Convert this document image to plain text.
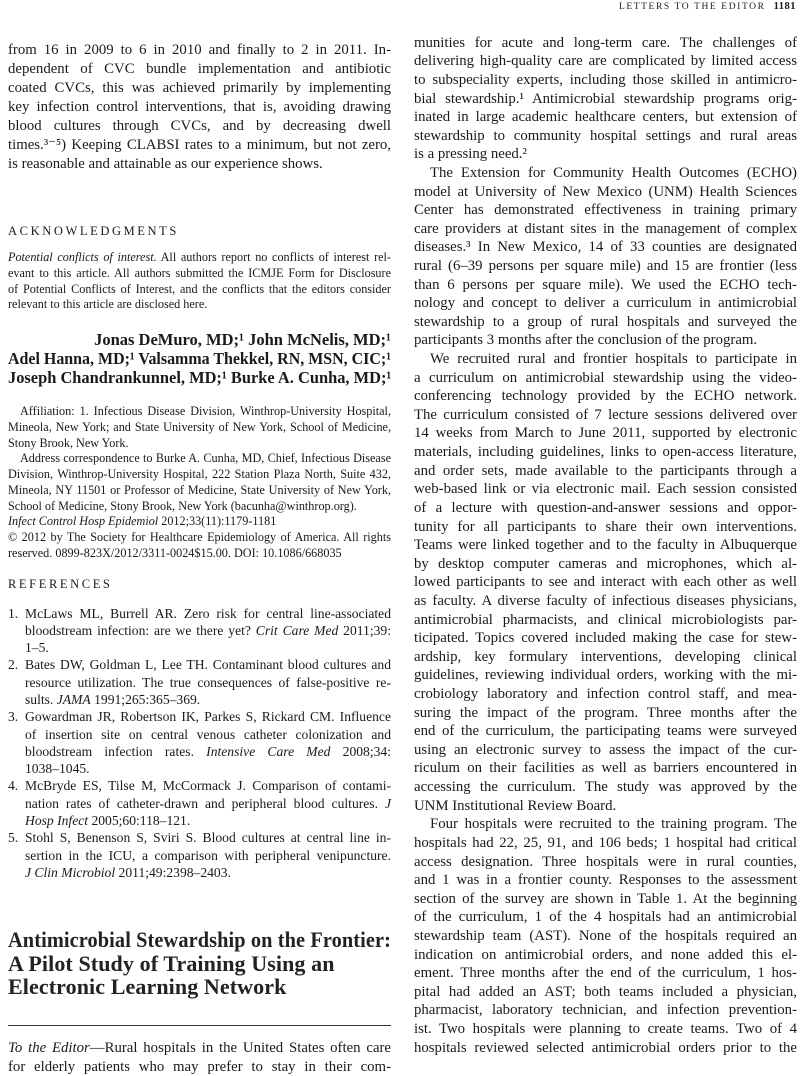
LETTERS TO THE EDITOR 1181
from 16 in 2009 to 6 in 2010 and finally to 2 in 2011. In-
dependent of CVC bundle implementation and antibiotic
coated CVCs, this was achieved primarily by implementing
key infection control interventions, that is, avoiding drawing
blood cultures through CVCs, and by decreasing dwell
times.³⁻⁵) Keeping CLABSI rates to a minimum, but not zero,
is reasonable and attainable as our experience shows.
ACKNOWLEDGMENTS
Potential conflicts of interest. All authors report no conflicts of interest rel-
evant to this article. All authors submitted the ICMJE Form for Disclosure
of Potential Conflicts of Interest, and the conflicts that the editors consider
relevant to this article are disclosed here.
Jonas DeMuro, MD;¹ John McNelis, MD;¹
Adel Hanna, MD;¹ Valsamma Thekkel, RN, MSN, CIC;¹
Joseph Chandrankunnel, MD;¹ Burke A. Cunha, MD;¹
Affiliation: 1. Infectious Disease Division, Winthrop-University Hospital,
Mineola, New York; and State University of New York, School of Medicine,
Stony Brook, New York.
Address correspondence to Burke A. Cunha, MD, Chief, Infectious Disease
Division, Winthrop-University Hospital, 222 Station Plaza North, Suite 432,
Mineola, NY 11501 or Professor of Medicine, State University of New York,
School of Medicine, Stony Brook, New York (bacunha@winthrop.org).
Infect Control Hosp Epidemiol 2012;33(11):1179-1181
© 2012 by The Society for Healthcare Epidemiology of America. All rights
reserved. 0899-823X/2012/3311-0024$15.00. DOI: 10.1086/668035
REFERENCES
1. McLaws ML, Burrell AR. Zero risk for central line-associated
bloodstream infection: are we there yet? Crit Care Med 2011;39:
1–5.
2. Bates DW, Goldman L, Lee TH. Contaminant blood cultures and
resource utilization. The true consequences of false-positive re-
sults. JAMA 1991;265:365–369.
3. Gowardman JR, Robertson IK, Parkes S, Rickard CM. Influence
of insertion site on central venous catheter colonization and
bloodstream infection rates. Intensive Care Med 2008;34:
1038–1045.
4. McBryde ES, Tilse M, McCormack J. Comparison of contami-
nation rates of catheter-drawn and peripheral blood cultures. J
Hosp Infect 2005;60:118–121.
5. Stohl S, Benenson S, Sviri S. Blood cultures at central line in-
sertion in the ICU, a comparison with peripheral venipuncture.
J Clin Microbiol 2011;49:2398–2403.
Antimicrobial Stewardship on the Frontier:
A Pilot Study of Training Using an
Electronic Learning Network
To the Editor—Rural hospitals in the United States often care
for elderly patients who may prefer to stay in their com-
munities for acute and long-term care. The challenges of
delivering high-quality care are complicated by limited access
to subspeciality experts, including those skilled in antimicro-
bial stewardship.¹ Antimicrobial stewardship programs orig-
inated in large academic healthcare centers, but extension of
stewardship to community hospital settings and rural areas
is a pressing need.²
The Extension for Community Health Outcomes (ECHO)
model at University of New Mexico (UNM) Health Sciences
Center has demonstrated effectiveness in training primary
care providers at distant sites in the management of complex
diseases.³ In New Mexico, 14 of 33 counties are designated
rural (6–39 persons per square mile) and 15 are frontier (less
than 6 persons per square mile). We used the ECHO tech-
nology and concept to deliver a curriculum in antimicrobial
stewardship to a group of rural hospitals and surveyed the
participants 3 months after the conclusion of the program.
We recruited rural and frontier hospitals to participate in
a curriculum on antimicrobial stewardship using the video-
conferencing technology provided by the ECHO network.
The curriculum consisted of 7 lecture sessions delivered over
14 weeks from March to June 2011, supported by electronic
materials, including guidelines, links to open-access literature,
and order sets, made available to the participants through a
web-based link or via electronic mail. Each session consisted
of a lecture with question-and-answer sessions and oppor-
tunity for all participants to share their own interventions.
Teams were linked together and to the faculty in Albuquerque
by desktop computer cameras and microphones, which al-
lowed participants to see and interact with each other as well
as faculty. A diverse faculty of infectious diseases physicians,
antimicrobial pharmacists, and clinical microbiologists par-
ticipated. Topics covered included making the case for stew-
ardship, key formulary interventions, developing clinical
guidelines, reviewing individual orders, working with the mi-
crobiology laboratory and infection control staff, and mea-
suring the impact of the program. Three months after the
end of the curriculum, the participating teams were surveyed
using an electronic survey to assess the impact of the cur-
riculum on their facilities as well as barriers encountered in
accessing the curriculum. The study was approved by the
UNM Institutional Review Board.
Four hospitals were recruited to the training program. The
hospitals had 22, 25, 91, and 106 beds; 1 hospital had critical
access designation. Three hospitals were in rural counties,
and 1 was in a frontier county. Responses to the assessment
section of the survey are shown in Table 1. At the beginning
of the curriculum, 1 of the 4 hospitals had an antimicrobial
stewardship team (AST). None of the hospitals required an
indication on antimicrobial orders, and none added this el-
ement. Three months after the end of the curriculum, 1 hos-
pital had added an AST; both teams included a physician,
pharmacist, laboratory technician, and infection prevention-
ist. Two hospitals were planning to create teams. Two of 4
hospitals reviewed selected antimicrobial orders prior to the
